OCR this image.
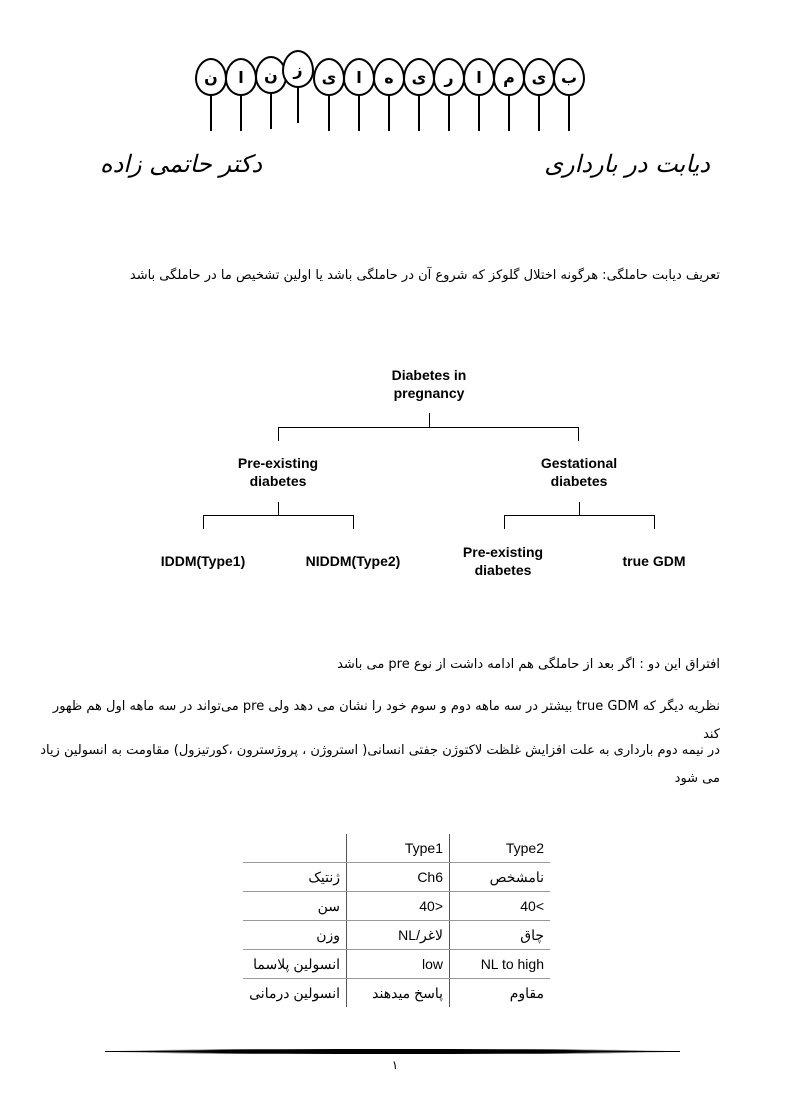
ن	ا	ن ز	ی	ا	ه	ی	ر	ا	م	ی ب
دیابت در بارداری
دکتر حاتمی زاده
تعریف دیابت حاملگی: هرگونه اختلال گلوکز که شروع آن در حاملگی باشد یا اولین تشخیص ما در حاملگی باشد
Diabetes in
pregnancy
Pre-existing
diabetes
Gestational
diabetes
IDDM(Type1)	NIDDM(Type2)
Pre-existing
diabetes
true GDM
افتراق این دو : اگر بعد از حاملگی هم ادامه داشت از نوع pre می باشد
نظریه دیگر که true GDM بیشتر در سه ماهه دوم و سوم خود را نشان می دهد ولی pre می‌تواند در سه ماهه اول هم ظهور کند
در نیمه دوم بارداری به علت افزایش غلظت لاکتوژن جفتی انسانی( استروژن ، پروژسترون ،کورتیزول) مقاومت به انسولین زیاد می شود
	Type1	Type2
ژنتیک	Ch6	نامشخص
سن	40>	40<
وزن	NL/لاغر	چاق
انسولین پلاسما	low	NL to high
انسولین درمانی	پاسخ میدهند	مقاوم
۱
